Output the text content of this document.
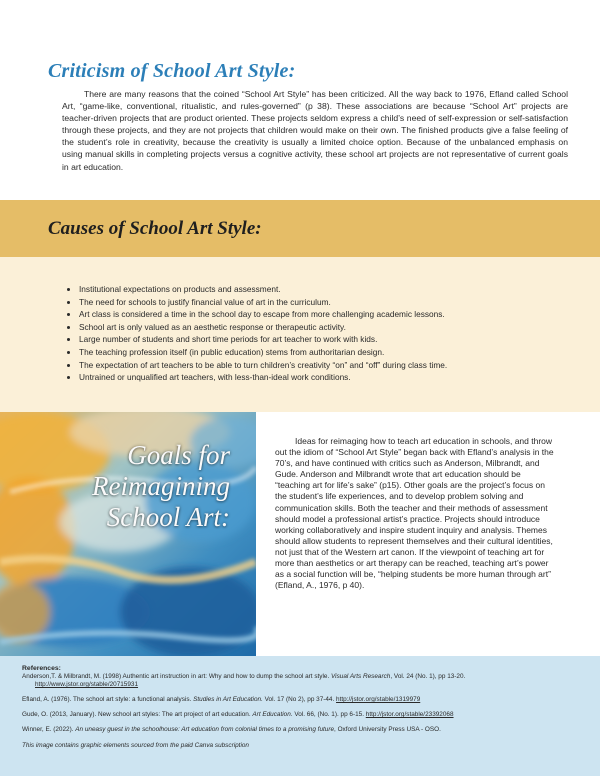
Criticism of School Art Style:

There are many reasons that the coined “School Art Style” has been criticized. All the way back to 1976, Efland called School Art, “game-like, conventional, ritualistic, and rules-governed” (p 38). These associations are because “School Art” projects are teacher-driven projects that are product oriented. These projects seldom express a child’s need of self-expression or self-satisfaction through these projects, and they are not projects that children would make on their own. The finished products give a false feeling of the student’s role in creativity, because the creativity is usually a limited choice option. Because of the unbalanced emphasis on using manual skills in completing projects versus a cognitive activity, these school art projects are not representative of current goals in art education.

Causes of School Art Style:
• Institutional expectations on products and assessment.
• The need for schools to justify financial value of art in the curriculum.
• Art class is considered a time in the school day to escape from more challenging academic lessons.
• School art is only valued as an aesthetic response or therapeutic activity.
• Large number of students and short time periods for art teacher to work with kids.
• The teaching profession itself (in public education) stems from authoritarian design.
• The expectation of art teachers to be able to turn children’s creativity “on” and “off” during class time.
• Untrained or unqualified art teachers, with less-than-ideal work conditions.
Goals for
Reimagining
School Art:

Ideas for reimaging how to teach art education in schools, and throw out the idiom of “School Art Style” began back with Efland’s analysis in the 70’s, and have continued with critics such as Anderson, Milbrandt, and Gude. Anderson and Milbrandt wrote that art education should be “teaching art for life’s sake” (p15). Other goals are the project’s focus on the student’s life experiences, and to develop problem solving and communication skills. Both the teacher and their methods of assessment should model a professional artist’s practice. Projects should introduce working collaboratively and inspire student inquiry and analysis. Themes should allow students to represent themselves and their cultural identities, not just that of the Western art canon. If the viewpoint of teaching art for more than aesthetics or art therapy can be reached, teaching art’s power as a social function will be, “helping students be more human through art” (Efland, A., 1976, p 40).

References:

Anderson,T. & Milbrandt, M. (1998) Authentic art instruction in art: Why and how to dump the school art style. Visual Arts Research, Vol. 24 (No. 1), pp 13-20.
http://www.jstor.org/stable/20715931

Efland, A. (1976). The school art style: a functional analysis. Studies in Art Education. Vol. 17 (No 2), pp 37-44. http://jstor.org/stable/1319979

Gude, O. (2013, January). New school art styles: The art project of art education. Art Education. Vol. 66, (No. 1). pp 6-15. http://jstor.org/stable/23392068

Winner, E. (2022). An uneasy guest in the schoolhouse: Art education from colonial times to a promising future, Oxford University Press USA - OSO.

This image contains graphic elements sourced from the paid Canva subscription
